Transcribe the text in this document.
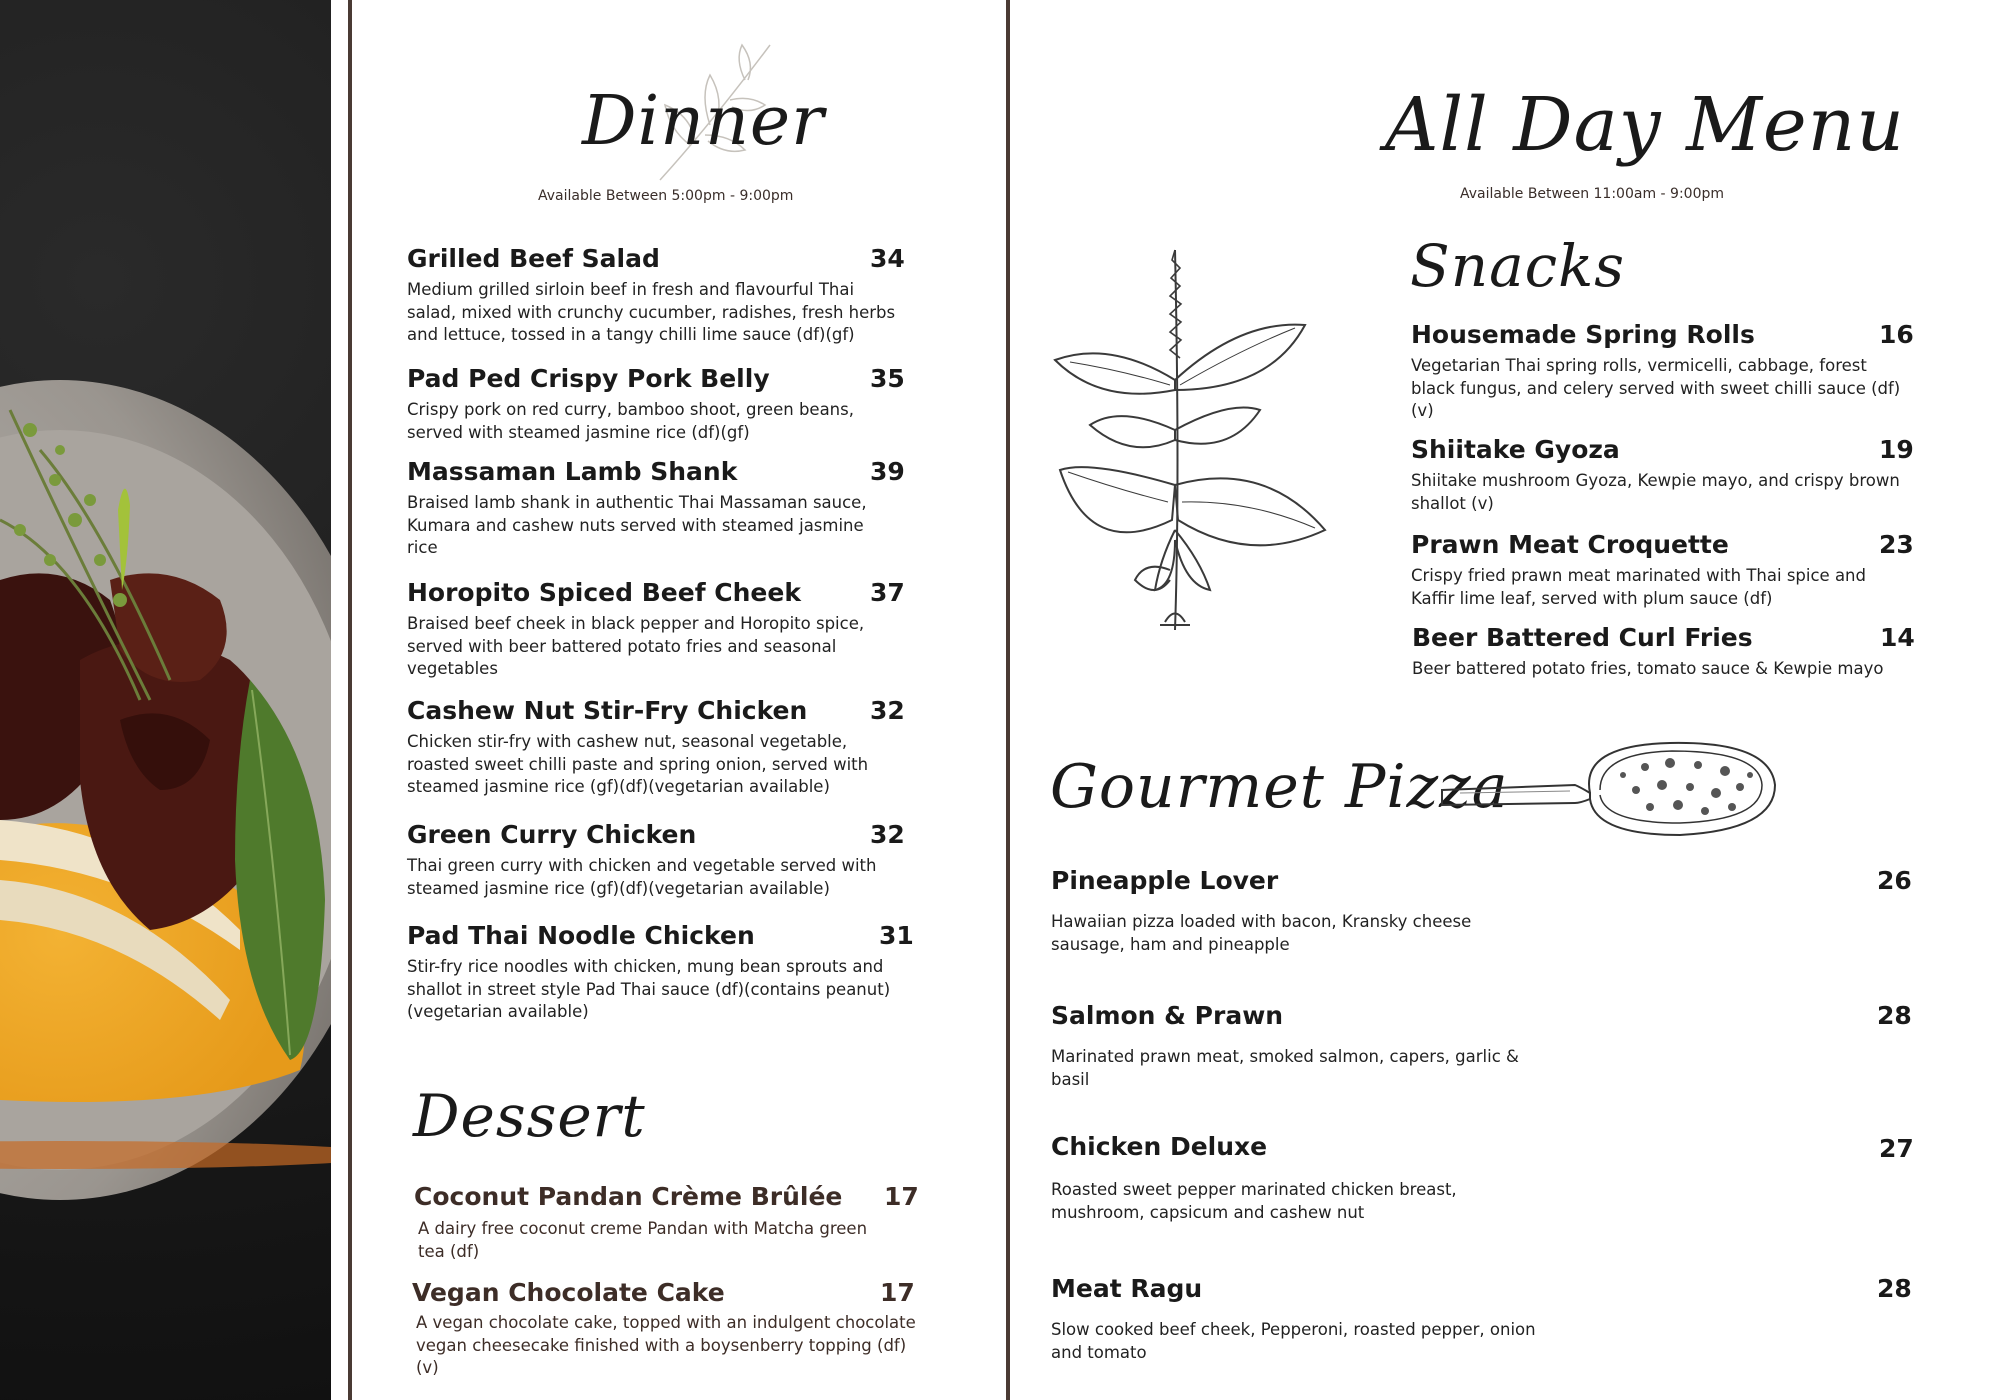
Dinner
Available Between 5:00pm - 9:00pm
Grilled Beef Salad	34
Medium grilled sirloin beef in fresh and flavourful Thai salad, mixed with crunchy cucumber, radishes, fresh herbs and lettuce, tossed in a tangy chilli lime sauce (df)(gf)
Pad Ped Crispy Pork Belly	35
Crispy pork on red curry, bamboo shoot, green beans, served with steamed jasmine rice (df)(gf)
Massaman Lamb Shank	39
Braised lamb shank in authentic Thai Massaman sauce, Kumara and cashew nuts served with steamed jasmine rice
Horopito Spiced Beef Cheek	37
Braised beef cheek in black pepper and Horopito spice, served with beer battered potato fries and seasonal vegetables
Cashew Nut Stir-Fry Chicken	32
Chicken stir-fry with cashew nut, seasonal vegetable, roasted sweet chilli paste and spring onion, served with steamed jasmine rice (gf)(df)(vegetarian available)
Green Curry Chicken	32
Thai green curry with chicken and vegetable served with steamed jasmine rice (gf)(df)(vegetarian available)
Pad Thai Noodle Chicken	31
Stir-fry rice noodles with chicken, mung bean sprouts and shallot in street style Pad Thai sauce (df)(contains peanut)(vegetarian available)
Dessert
Coconut Pandan Crème Brûlée 17
A dairy free coconut creme Pandan with Matcha green tea (df)
Vegan Chocolate Cake	17
A vegan chocolate cake, topped with an indulgent chocolate vegan cheesecake finished with a boysenberry topping (df)(v)
All Day Menu
Available Between 11:00am - 9:00pm
Snacks
Housemade Spring Rolls	16
Vegetarian Thai spring rolls, vermicelli, cabbage, forest black fungus, and celery served with sweet chilli sauce (df) (v)
Shiitake Gyoza	19
Shiitake mushroom Gyoza, Kewpie mayo, and crispy brown shallot (v)
Prawn Meat Croquette	23
Crispy fried prawn meat marinated with Thai spice and Kaffir lime leaf, served with plum sauce (df)
Beer Battered Curl Fries	14
Beer battered potato fries, tomato sauce & Kewpie mayo
Gourmet Pizza
Pineapple Lover	26
Hawaiian pizza loaded with bacon, Kransky cheese sausage, ham and pineapple
Salmon & Prawn	28
Marinated prawn meat, smoked salmon, capers, garlic & basil
Chicken Deluxe	27
Roasted sweet pepper marinated chicken breast, mushroom, capsicum and cashew nut
Meat Ragu	28
Slow cooked beef cheek, Pepperoni, roasted pepper, onion and tomato
